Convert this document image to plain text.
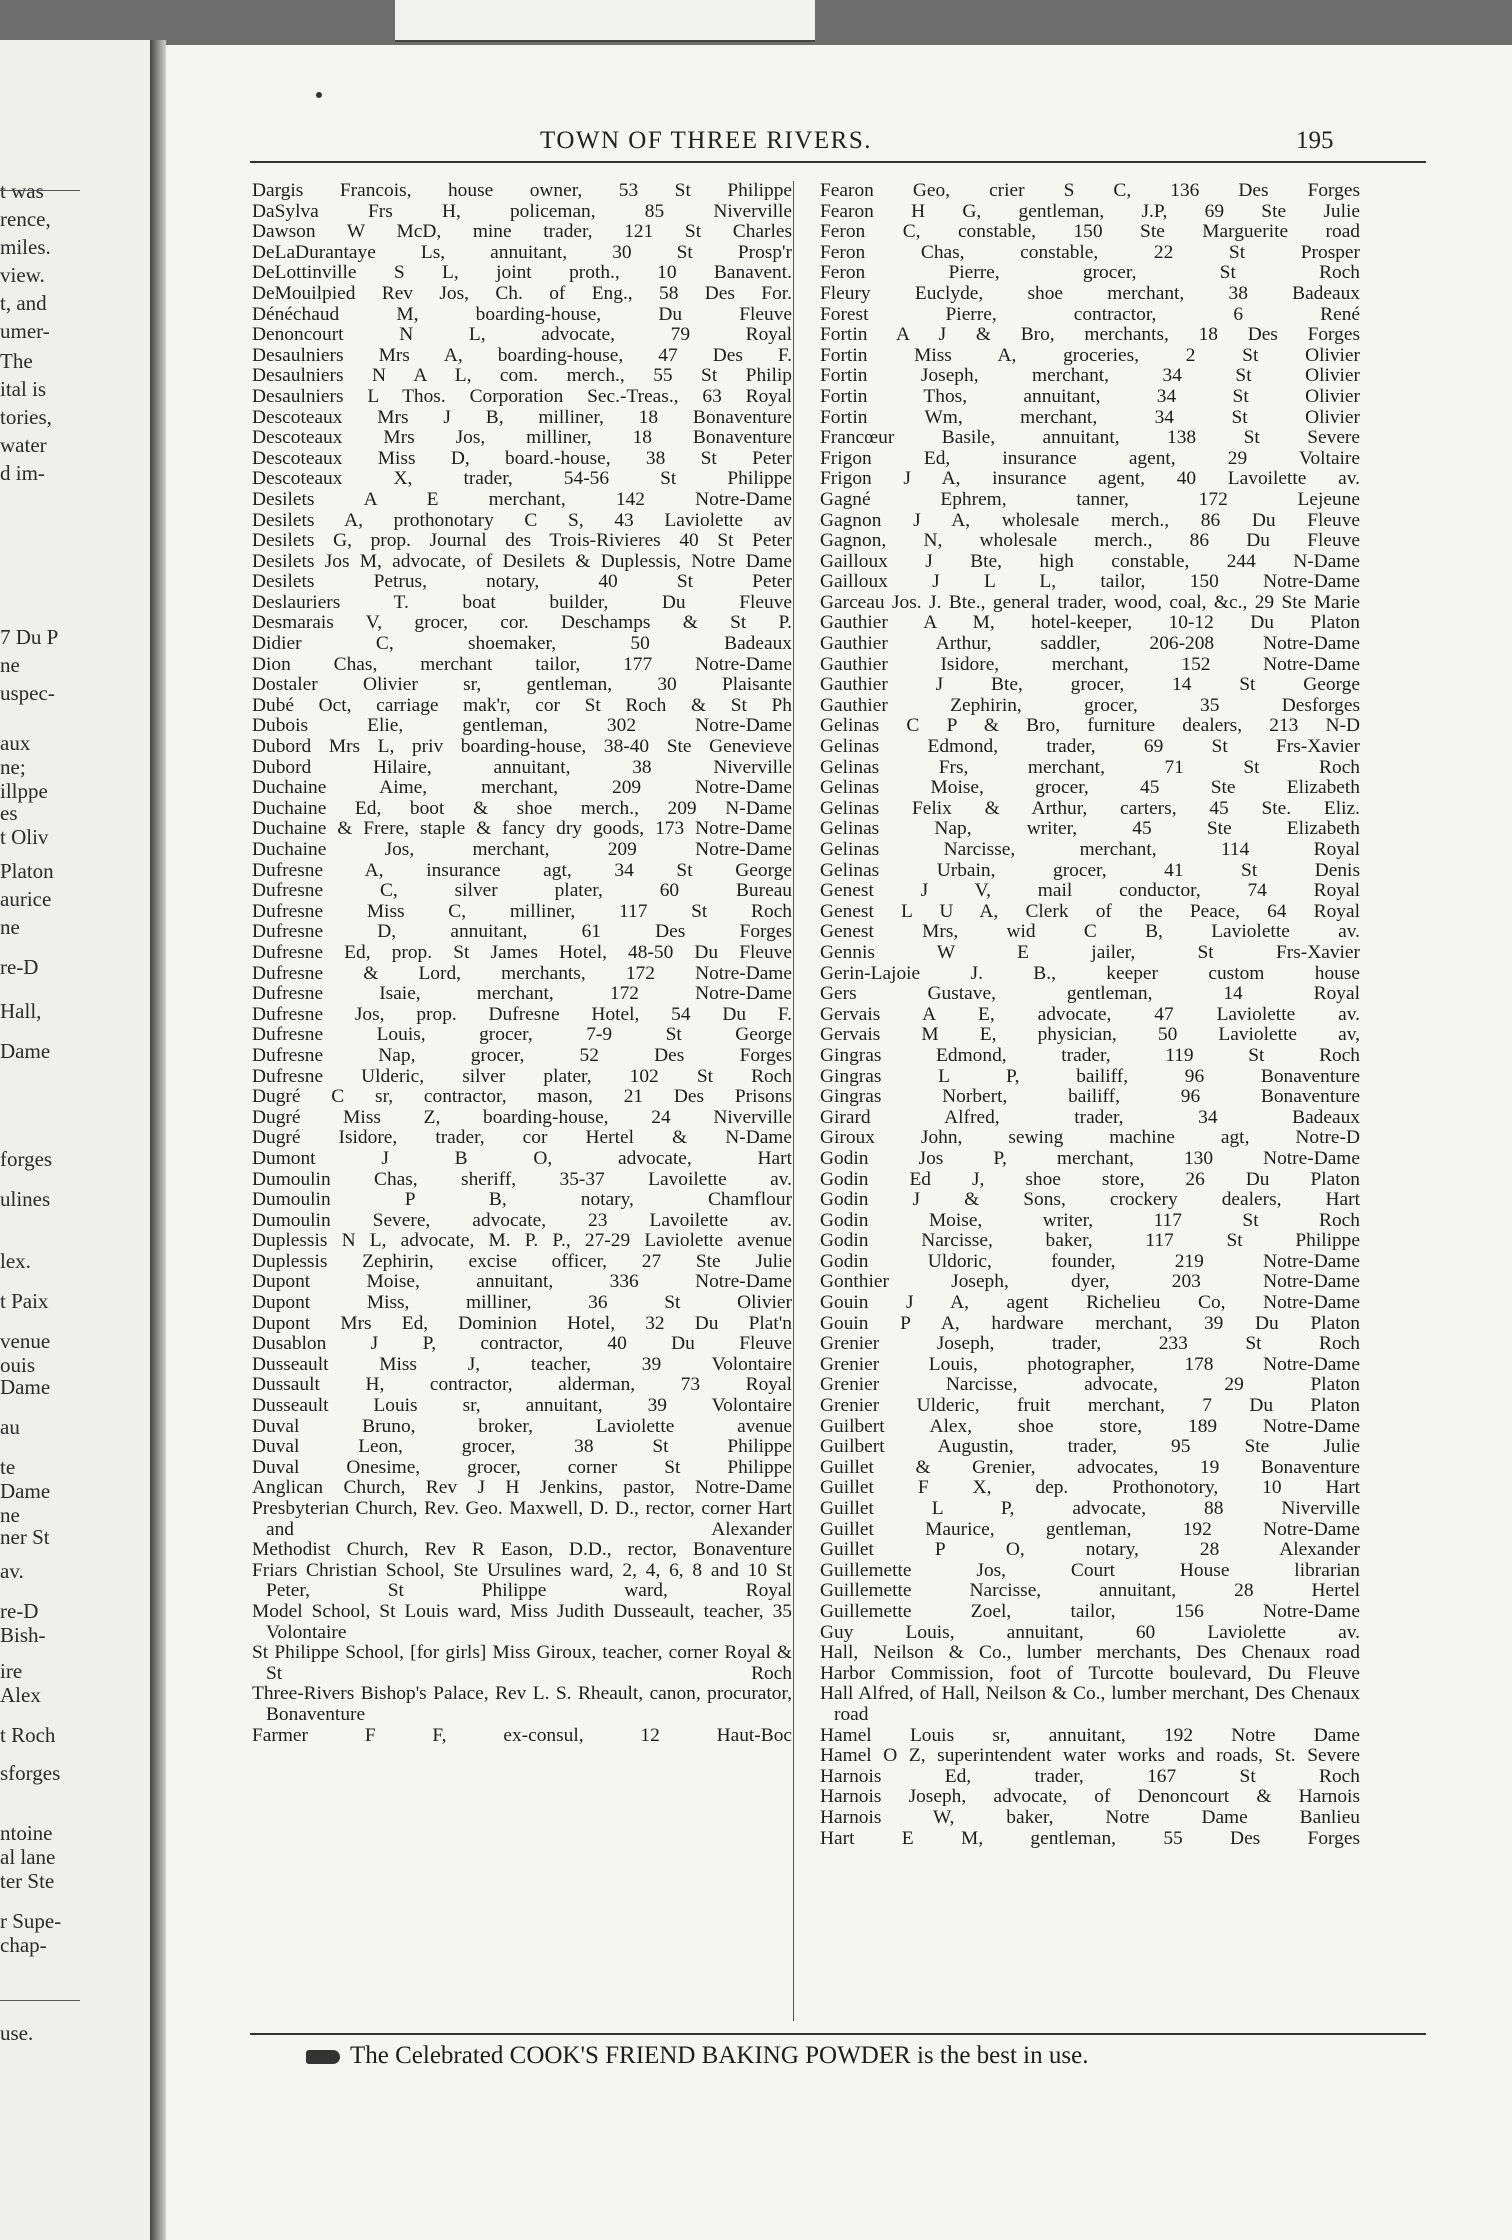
t was
rence,
miles.
view.
t, and
umer-
The
ital is
tories,
water
d im-
7 Du P
ne
uspec-
aux
ne;
illppe
es
t Oliv
Platon
aurice
ne
re-D
Hall,
Dame
forges
ulines
lex.
t Paix
venue
ouis
Dame
au
te
Dame
ne
ner St
av.
re-D
Bish-
ire
Alex
t Roch
sforges
ntoine
al lane
ter Ste
r Supe-
chap-
use.
TOWN OF THREE RIVERS.	195
Dargis Francois, house owner, 53 St Philippe
DaSylva Frs H, policeman, 85 Niverville
Dawson W McD, mine trader, 121 St Charles
DeLaDurantaye Ls, annuitant, 30 St Prosp'r
DeLottinville S L, joint proth., 10 Banavent.
DeMouilpied Rev Jos, Ch. of Eng., 58 Des For.
Dénéchaud M, boarding-house, Du Fleuve
Denoncourt N L, advocate, 79 Royal
Desaulniers Mrs A, boarding-house, 47 Des F.
Desaulniers N A L, com. merch., 55 St Philip
Desaulniers L Thos. Corporation Sec.-Treas., 63 Royal
Descoteaux Mrs J B, milliner, 18 Bonaventure
Descoteaux Mrs Jos, milliner, 18 Bonaventure
Descoteaux Miss D, board.-house, 38 St Peter
Descoteaux X, trader, 54-56 St Philippe
Desilets A E merchant, 142 Notre-Dame
Desilets A, prothonotary C S, 43 Laviolette av
Desilets G, prop. Journal des Trois-Rivieres 40 St Peter
Desilets Jos M, advocate, of Desilets & Duplessis, Notre Dame
Desilets Petrus, notary, 40 St Peter
Deslauriers T. boat builder, Du Fleuve
Desmarais V, grocer, cor. Deschamps & St P.
Didier C, shoemaker, 50 Badeaux
Dion Chas, merchant tailor, 177 Notre-Dame
Dostaler Olivier sr, gentleman, 30 Plaisante
Dubé Oct, carriage mak'r, cor St Roch & St Ph
Dubois Elie, gentleman, 302 Notre-Dame
Dubord Mrs L, priv boarding-house, 38-40 Ste Genevieve
Dubord Hilaire, annuitant, 38 Niverville
Duchaine Aime, merchant, 209 Notre-Dame
Duchaine Ed, boot & shoe merch., 209 N-Dame
Duchaine & Frere, staple & fancy dry goods, 173 Notre-Dame
Duchaine Jos, merchant, 209 Notre-Dame
Dufresne A, insurance agt, 34 St George
Dufresne C, silver plater, 60 Bureau
Dufresne Miss C, milliner, 117 St Roch
Dufresne D, annuitant, 61 Des Forges
Dufresne Ed, prop. St James Hotel, 48-50 Du Fleuve
Dufresne & Lord, merchants, 172 Notre-Dame
Dufresne Isaie, merchant, 172 Notre-Dame
Dufresne Jos, prop. Dufresne Hotel, 54 Du F.
Dufresne Louis, grocer, 7-9 St George
Dufresne Nap, grocer, 52 Des Forges
Dufresne Ulderic, silver plater, 102 St Roch
Dugré C sr, contractor, mason, 21 Des Prisons
Dugré Miss Z, boarding-house, 24 Niverville
Dugré Isidore, trader, cor Hertel & N-Dame
Dumont J B O, advocate, Hart
Dumoulin Chas, sheriff, 35-37 Lavoilette av.
Dumoulin P B, notary, Chamflour
Dumoulin Severe, advocate, 23 Lavoilette av.
Duplessis N L, advocate, M. P. P., 27-29 Laviolette avenue
Duplessis Zephirin, excise officer, 27 Ste Julie
Dupont Moise, annuitant, 336 Notre-Dame
Dupont Miss, milliner, 36 St Olivier
Dupont Mrs Ed, Dominion Hotel, 32 Du Plat'n
Dusablon J P, contractor, 40 Du Fleuve
Dusseault Miss J, teacher, 39 Volontaire
Dussault H, contractor, alderman, 73 Royal
Dusseault Louis sr, annuitant, 39 Volontaire
Duval Bruno, broker, Laviolette avenue
Duval Leon, grocer, 38 St Philippe
Duval Onesime, grocer, corner St Philippe
Anglican Church, Rev J H Jenkins, pastor, Notre-Dame
Presbyterian Church, Rev. Geo. Maxwell, D. D., rector, corner Hart and Alexander
Methodist Church, Rev R Eason, D.D., rector, Bonaventure
Friars Christian School, Ste Ursulines ward, 2, 4, 6, 8 and 10 St Peter, St Philippe ward, Royal
Model School, St Louis ward, Miss Judith Dusseault, teacher, 35 Volontaire
St Philippe School, [for girls] Miss Giroux, teacher, corner Royal & St Roch
Three-Rivers Bishop's Palace, Rev L. S. Rheault, canon, procurator, Bonaventure
Farmer F F, ex-consul, 12 Haut-Boc
Fearon Geo, crier S C, 136 Des Forges
Fearon H G, gentleman, J.P, 69 Ste Julie
Feron C, constable, 150 Ste Marguerite road
Feron Chas, constable, 22 St Prosper
Feron Pierre, grocer, St Roch
Fleury Euclyde, shoe merchant, 38 Badeaux
Forest Pierre, contractor, 6 René
Fortin A J & Bro, merchants, 18 Des Forges
Fortin Miss A, groceries, 2 St Olivier
Fortin Joseph, merchant, 34 St Olivier
Fortin Thos, annuitant, 34 St Olivier
Fortin Wm, merchant, 34 St Olivier
Francœur Basile, annuitant, 138 St Severe
Frigon Ed, insurance agent, 29 Voltaire
Frigon J A, insurance agent, 40 Lavoilette av.
Gagné Ephrem, tanner, 172 Lejeune
Gagnon J A, wholesale merch., 86 Du Fleuve
Gagnon, N, wholesale merch., 86 Du Fleuve
Gailloux J Bte, high constable, 244 N-Dame
Gailloux J L L, tailor, 150 Notre-Dame
Garceau Jos. J. Bte., general trader, wood, coal, &c., 29 Ste Marie
Gauthier A M, hotel-keeper, 10-12 Du Platon
Gauthier Arthur, saddler, 206-208 Notre-Dame
Gauthier Isidore, merchant, 152 Notre-Dame
Gauthier J Bte, grocer, 14 St George
Gauthier Zephirin, grocer, 35 Desforges
Gelinas C P & Bro, furniture dealers, 213 N-D
Gelinas Edmond, trader, 69 St Frs-Xavier
Gelinas Frs, merchant, 71 St Roch
Gelinas Moise, grocer, 45 Ste Elizabeth
Gelinas Felix & Arthur, carters, 45 Ste. Eliz.
Gelinas Nap, writer, 45 Ste Elizabeth
Gelinas Narcisse, merchant, 114 Royal
Gelinas Urbain, grocer, 41 St Denis
Genest J V, mail conductor, 74 Royal
Genest L U A, Clerk of the Peace, 64 Royal
Genest Mrs, wid C B, Laviolette av.
Gennis W E jailer, St Frs-Xavier
Gerin-Lajoie J. B., keeper custom house
Gers Gustave, gentleman, 14 Royal
Gervais A E, advocate, 47 Laviolette av.
Gervais M E, physician, 50 Laviolette av,
Gingras Edmond, trader, 119 St Roch
Gingras L P, bailiff, 96 Bonaventure
Gingras Norbert, bailiff, 96 Bonaventure
Girard Alfred, trader, 34 Badeaux
Giroux John, sewing machine agt, Notre-D
Godin Jos P, merchant, 130 Notre-Dame
Godin Ed J, shoe store, 26 Du Platon
Godin J & Sons, crockery dealers, Hart
Godin Moise, writer, 117 St Roch
Godin Narcisse, baker, 117 St Philippe
Godin Uldoric, founder, 219 Notre-Dame
Gonthier Joseph, dyer, 203 Notre-Dame
Gouin J A, agent Richelieu Co, Notre-Dame
Gouin P A, hardware merchant, 39 Du Platon
Grenier Joseph, trader, 233 St Roch
Grenier Louis, photographer, 178 Notre-Dame
Grenier Narcisse, advocate, 29 Platon
Grenier Ulderic, fruit merchant, 7 Du Platon
Guilbert Alex, shoe store, 189 Notre-Dame
Guilbert Augustin, trader, 95 Ste Julie
Guillet & Grenier, advocates, 19 Bonaventure
Guillet F X, dep. Prothonotory, 10 Hart
Guillet L P, advocate, 88 Niverville
Guillet Maurice, gentleman, 192 Notre-Dame
Guillet P O, notary, 28 Alexander
Guillemette Jos, Court House librarian
Guillemette Narcisse, annuitant, 28 Hertel
Guillemette Zoel, tailor, 156 Notre-Dame
Guy Louis, annuitant, 60 Laviolette av.
Hall, Neilson & Co., lumber merchants, Des Chenaux road
Harbor Commission, foot of Turcotte boulevard, Du Fleuve
Hall Alfred, of Hall, Neilson & Co., lumber merchant, Des Chenaux road
Hamel Louis sr, annuitant, 192 Notre Dame
Hamel O Z, superintendent water works and roads, St. Severe
Harnois Ed, trader, 167 St Roch
Harnois Joseph, advocate, of Denoncourt & Harnois
Harnois W, baker, Notre Dame Banlieu
Hart E M, gentleman, 55 Des Forges
The Celebrated COOK'S FRIEND BAKING POWDER is the best in use.
